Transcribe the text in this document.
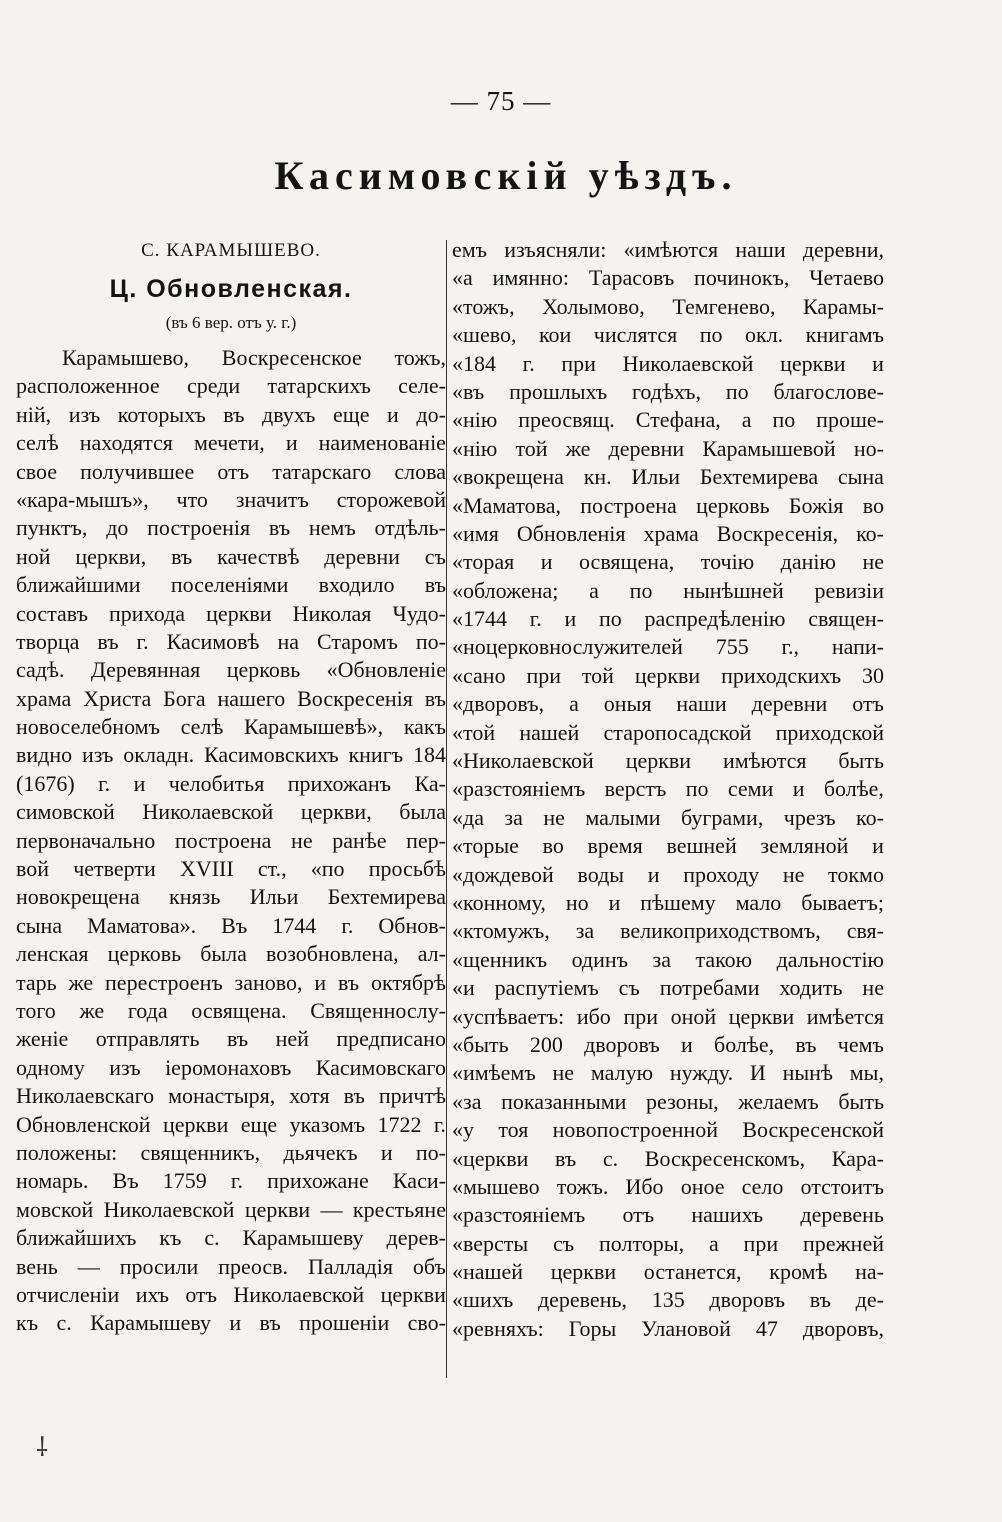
— 75 —
Касимовскій уѣздъ.
С. КАРАМЫШЕВО.
Ц. Обновленская.
(въ 6 вер. отъ у. г.)
Карамышево, Воскресенское тожъ,
расположенное среди татарскихъ селе-
ній, изъ которыхъ въ двухъ еще и до-
селѣ находятся мечети, и наименованіе
свое получившее отъ татарскаго слова
«кара-мышъ», что значитъ сторожевой
пунктъ, до построенія въ немъ отдѣль-
ной церкви, въ качествѣ деревни съ
ближайшими поселеніями входило въ
составъ прихода церкви Николая Чудо-
творца въ г. Касимовѣ на Старомъ по-
садѣ. Деревянная церковь «Обновленіе
храма Христа Бога нашего Воскресенія въ
новоселебномъ селѣ Карамышевѣ», какъ
видно изъ окладн. Касимовскихъ книгъ 184
(1676) г. и челобитья прихожанъ Ка-
симовской Николаевской церкви, была
первоначально построена не ранѣе пер-
вой четверти XVIII ст., «по просьбѣ
новокрещена князь Ильи Бехтемирева
сына Маматова». Въ 1744 г. Обнов-
ленская церковь была возобновлена, ал-
тарь же перестроенъ заново, и въ октябрѣ
того же года освящена. Священнослу-
женіе отправлять въ ней предписано
одному изъ іеромонаховъ Касимовскаго
Николаевскаго монастыря, хотя въ причтѣ
Обновленской церкви еще указомъ 1722 г.
положены: священникъ, дьячекъ и по-
номарь. Въ 1759 г. прихожане Каси-
мовской Николаевской церкви — крестьяне
ближайшихъ къ с. Карамышеву дерев-
вень — просили преосв. Палладія объ
отчисленіи ихъ отъ Николаевской церкви
къ с. Карамышеву и въ прошеніи сво-
емъ изъясняли: «имѣются наши деревни,
«а имянно: Тарасовъ починокъ, Четаево
«тожъ, Холымово, Темгенево, Карамы-
«шево, кои числятся по окл. книгамъ
«184 г. при Николаевской церкви и
«въ прошлыхъ годѣхъ, по благослове-
«нію преосвящ. Стефана, а по проше-
«нію той же деревни Карамышевой но-
«вокрещена кн. Ильи Бехтемирева сына
«Маматова, построена церковь Божія во
«имя Обновленія храма Воскресенія, ко-
«торая и освящена, точію данію не
«обложена; а по нынѣшней ревизіи
«1744 г. и по распредѣленію священ-
«ноцерковнослужителей 755 г., напи-
«сано при той церкви приходскихъ 30
«дворовъ, а оныя наши деревни отъ
«той нашей старопосадской приходской
«Николаевской церкви имѣются быть
«разстояніемъ верстъ по семи и болѣе,
«да за не малыми буграми, чрезъ ко-
«торые во время вешней земляной и
«дождевой воды и проходу не токмо
«конному, но и пѣшему мало бываетъ;
«ктомужъ, за великоприходствомъ, свя-
«щенникъ одинъ за такою дальностію
«и распутіемъ съ потребами ходить не
«успѣваетъ: ибо при оной церкви имѣется
«быть 200 дворовъ и болѣе, въ чемъ
«имѣемъ не малую нужду. И нынѣ мы,
«за показанными резоны, желаемъ быть
«у тоя новопостроенной Воскресенской
«церкви въ с. Воскресенскомъ, Кара-
«мышево тожъ. Ибо оное село отстоитъ
«разстояніемъ отъ нашихъ деревень
«версты съ полторы, а при прежней
«нашей церкви останется, кромѣ на-
«шихъ деревень, 135 дворовъ въ де-
«ревняхъ: Горы Улановой 47 дворовъ,
⸸
